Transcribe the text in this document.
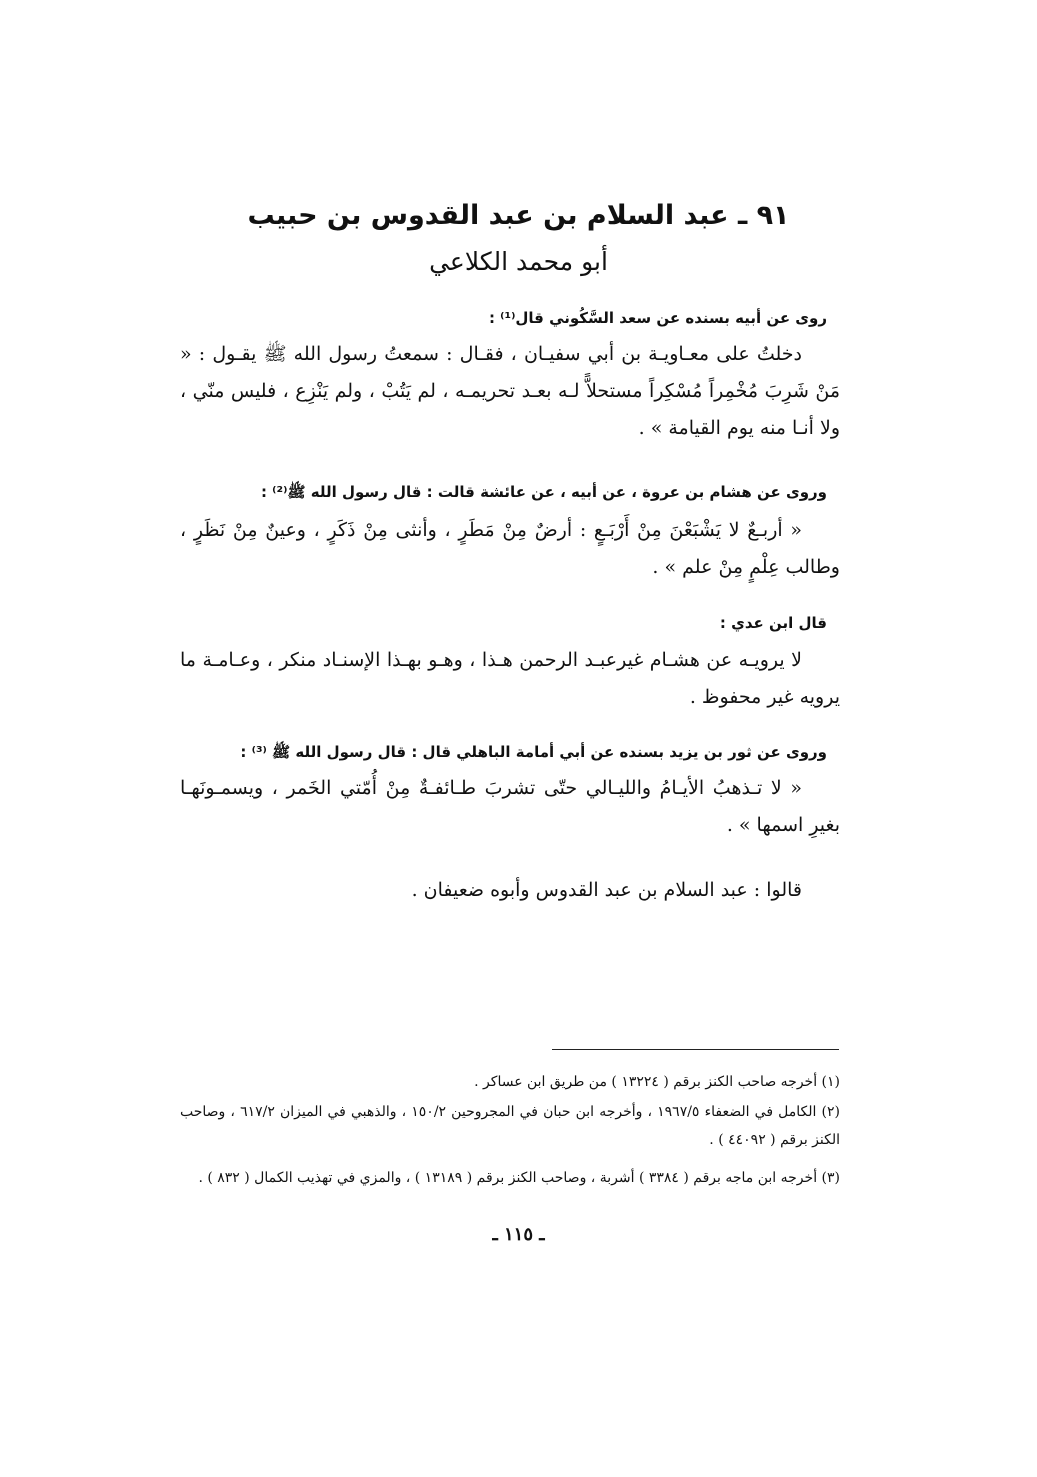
٩١ ـ عبد السلام بن عبد القدوس بن حبيب
أبو محمد الكلاعي
روى عن أبيه بسنده عن سعد السَّكُوني قال⁽¹⁾ :
دخلتُ على معـاويـة بن أبي سفيـان ، فقـال : سمعتُ رسول الله ﷺ يقـول : « مَنْ شَرِبَ مُخْمِراً مُسْكِراً مستحلاًّ لـه بعـد تحريمـه ، لم يَتُبْ ، ولم يَنْزِع ، فليس منّي ، ولا أنـا منه يوم القيامة » .
وروى عن هشام بن عروة ، عن أبيه ، عن عائشة قالت : قال رسول الله ﷺ⁽²⁾ :
« أربـعٌ لا يَشْبَعْنَ مِنْ أَرْبَـعٍ : أرضٌ مِنْ مَطَرٍ ، وأنثى مِنْ ذَكَرٍ ، وعينٌ مِنْ نَظَرٍ ، وطالب عِلْمٍ مِنْ علم » .
قال ابن عدي :
لا يرويـه عن هشـام غيرعبـد الرحمن هـذا ، وهـو بهـذا الإسنـاد منكر ، وعـامـة ما يرويه غير محفوظ .
وروى عن ثور بن يزيد بسنده عن أبي أمامة الباهلي قال : قال رسول الله ﷺ ⁽³⁾ :
« لا تـذهبُ الأيـامُ والليـالي حتّى تشربَ طـائفـةٌ مِنْ أُمّتي الخَمر ، ويسمـونَهـا بغيرِ اسمها » .
قالوا : عبد السلام بن عبد القدوس وأبوه ضعيفان .
(١) أخرجه صاحب الكنز برقم ( ١٣٢٢٤ ) من طريق ابن عساكر .
(٢) الكامل في الضعفاء ١٩٦٧/٥ ، وأخرجه ابن حبان في المجروحين ١٥٠/٢ ، والذهبي في الميزان ٦١٧/٢ ، وصاحب الكنز برقم ( ٤٤٠٩٢ ) .
(٣) أخرجه ابن ماجه برقم ( ٣٣٨٤ ) أشربة ، وصاحب الكنز برقم ( ١٣١٨٩ ) ، والمزي في تهذيب الكمال ( ٨٣٢ ) .
ـ ١١٥ ـ
